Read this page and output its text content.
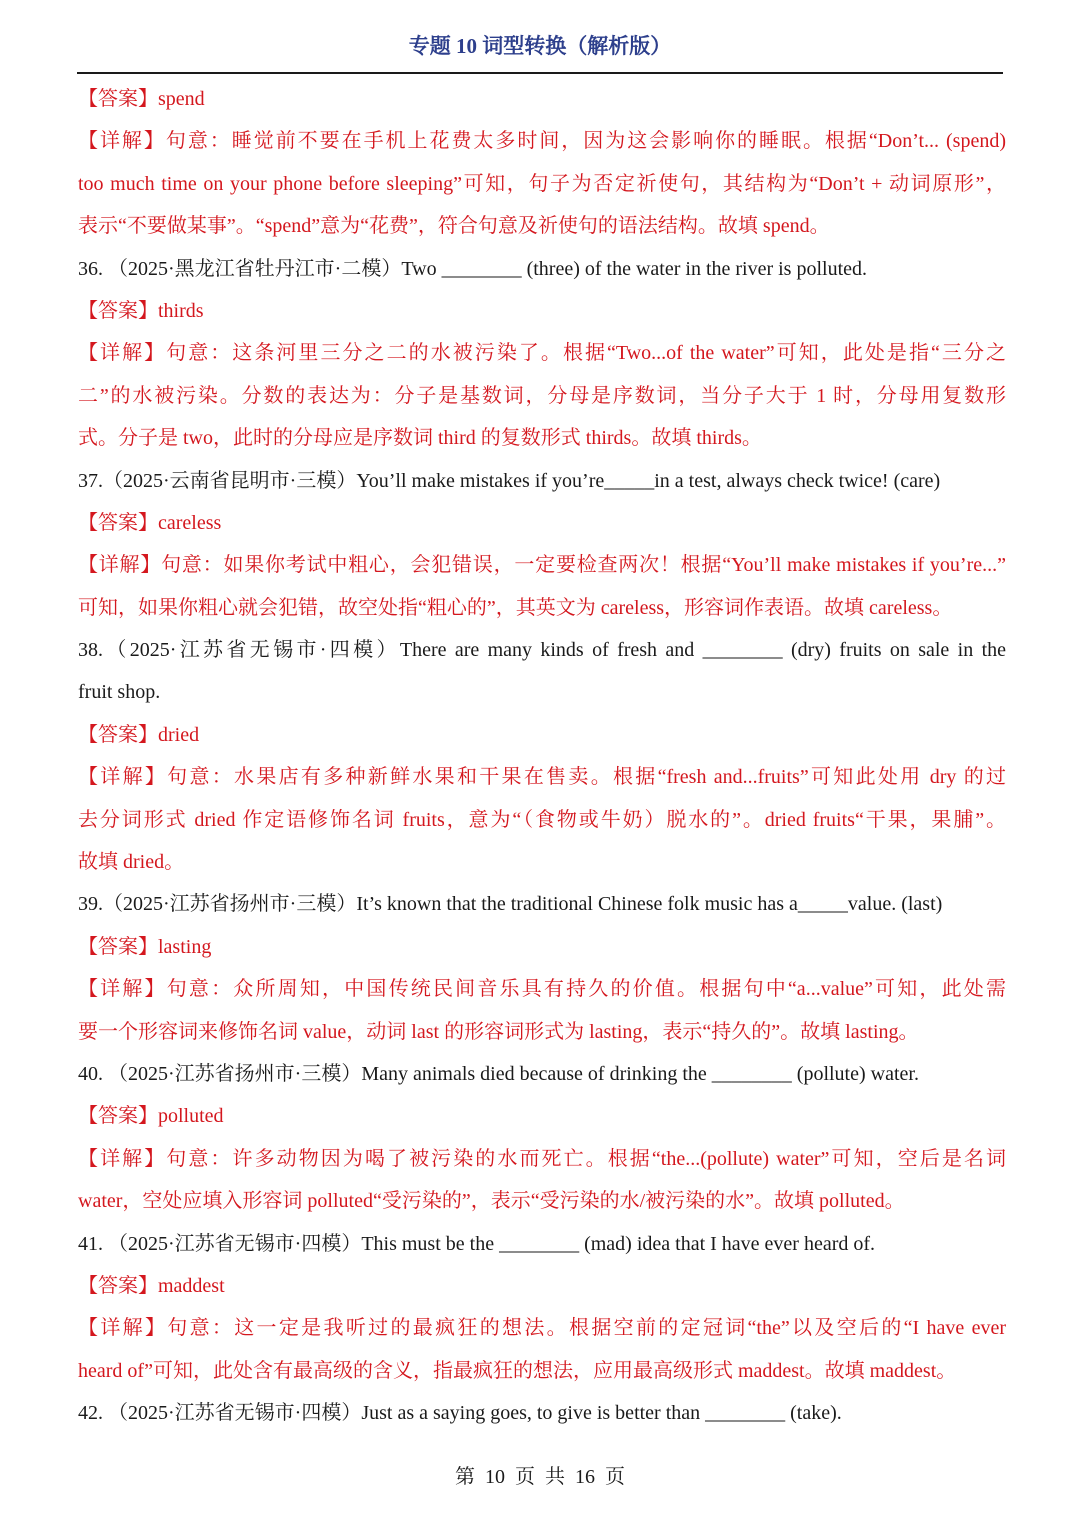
专题 10 词型转换（解析版）
【答案】spend
【详解】句意：睡觉前不要在手机上花费太多时间，因为这会影响你的睡眠。根据“Don’t... (spend)
too much time on your phone before sleeping”可知，句子为否定祈使句，其结构为“Don’t + 动词原形”，
表示“不要做某事”。“spend”意为“花费”，符合句意及祈使句的语法结构。故填 spend。
36. （2025·黑龙江省牡丹江市·二模）Two ________ (three) of the water in the river is polluted.
【答案】thirds
【详解】句意：这条河里三分之二的水被污染了。根据“Two...of the water”可知，此处是指“三分之
二”的水被污染。分数的表达为：分子是基数词，分母是序数词，当分子大于 1 时，分母用复数形
式。分子是 two，此时的分母应是序数词 third 的复数形式 thirds。故填 thirds。
37.（2025·云南省昆明市·三模）You’ll make mistakes if you’re_____in a test, always check twice! (care)
【答案】careless
【详解】句意：如果你考试中粗心，会犯错误，一定要检查两次！根据“You’ll make mistakes if you’re...”
可知，如果你粗心就会犯错，故空处指“粗心的”，其英文为 careless，形容词作表语。故填 careless。
38.（2025·江苏省无锡市·四模）There are many kinds of fresh and ________ (dry) fruits on sale in the
fruit shop.
【答案】dried
【详解】句意：水果店有多种新鲜水果和干果在售卖。根据“fresh and...fruits”可知此处用 dry 的过
去分词形式 dried 作定语修饰名词 fruits，意为“（食物或牛奶）脱水的”。dried fruits“干果，果脯”。
故填 dried。
39.（2025·江苏省扬州市·三模）It’s known that the traditional Chinese folk music has a_____value. (last)
【答案】lasting
【详解】句意：众所周知，中国传统民间音乐具有持久的价值。根据句中“a...value”可知，此处需
要一个形容词来修饰名词 value，动词 last 的形容词形式为 lasting，表示“持久的”。故填 lasting。
40. （2025·江苏省扬州市·三模）Many animals died because of drinking the ________ (pollute) water.
【答案】polluted
【详解】句意：许多动物因为喝了被污染的水而死亡。根据“the...(pollute) water”可知，空后是名词
water，空处应填入形容词 polluted“受污染的”，表示“受污染的水/被污染的水”。故填 polluted。
41. （2025·江苏省无锡市·四模）This must be the ________ (mad) idea that I have ever heard of.
【答案】maddest
【详解】句意：这一定是我听过的最疯狂的想法。根据空前的定冠词“the”以及空后的“I have ever
heard of”可知，此处含有最高级的含义，指最疯狂的想法，应用最高级形式 maddest。故填 maddest。
42. （2025·江苏省无锡市·四模）Just as a saying goes, to give is better than ________ (take).
第  10  页  共  16  页
